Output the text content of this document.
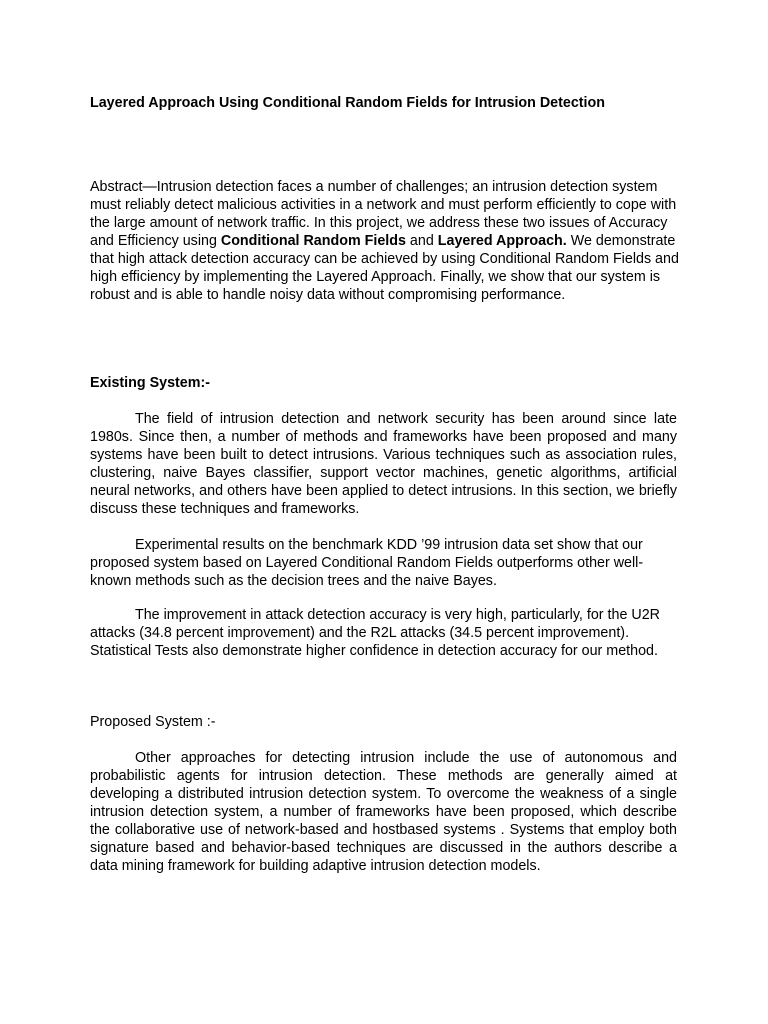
Layered Approach Using Conditional Random Fields for Intrusion Detection

Abstract—Intrusion detection faces a number of challenges; an intrusion detection system must reliably detect malicious activities in a network and must perform efficiently to cope with the large amount of network traffic. In this project, we address these two issues of Accuracy and Efficiency using Conditional Random Fields and Layered Approach. We demonstrate that high attack detection accuracy can be achieved by using Conditional Random Fields and high efficiency by implementing the Layered Approach. Finally, we show that our system is robust and is able to handle noisy data without compromising performance.

Existing System:-

The field of intrusion detection and network security has been around since late 1980s. Since then, a number of methods and frameworks have been proposed and many systems have been built to detect intrusions. Various techniques such as association rules, clustering, naive Bayes classifier, support vector machines, genetic algorithms, artificial neural networks, and others have been applied to detect intrusions. In this section, we briefly discuss these techniques and frameworks.

Experimental results on the benchmark KDD ’99 intrusion data set show that our proposed system based on Layered Conditional Random Fields outperforms other well-known methods such as the decision trees and the naive Bayes.

The improvement in attack detection accuracy is very high, particularly, for the U2R attacks (34.8 percent improvement) and the R2L attacks (34.5 percent improvement). Statistical Tests also demonstrate higher confidence in detection accuracy for our method.

Proposed System :-

Other approaches for detecting intrusion include the use of autonomous and probabilistic agents for intrusion detection. These methods are generally aimed at developing a distributed intrusion detection system. To overcome the weakness of a single intrusion detection system, a number of frameworks have been proposed, which describe the collaborative use of network-based and hostbased systems . Systems that employ both signature based and behavior-based techniques are discussed in the authors describe a data mining framework for building adaptive intrusion detection models.
